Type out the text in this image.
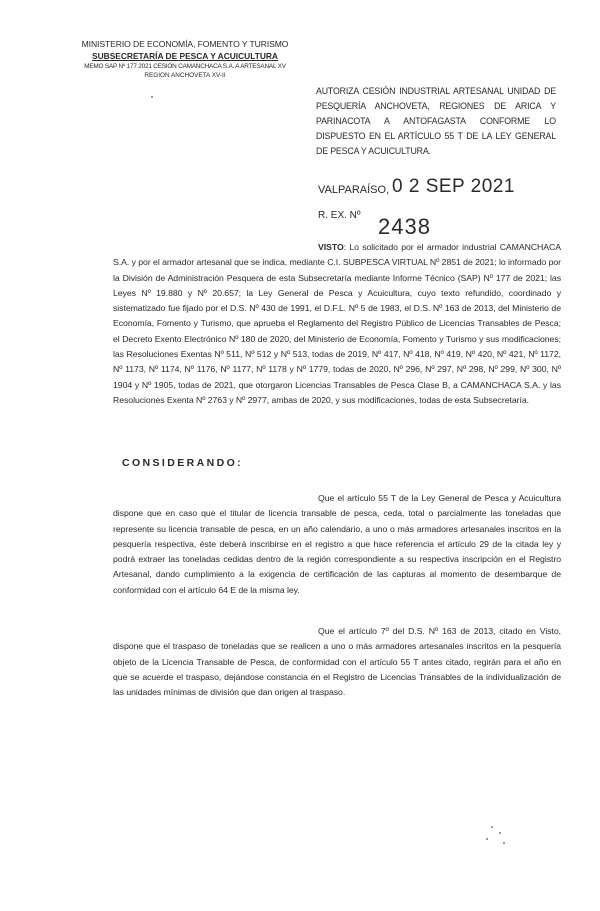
MINISTERIO DE ECONOMÍA, FOMENTO Y TURISMO
SUBSECRETARÍA DE PESCA Y ACUICULTURA
MEMO SAP Nº 177 2021 CESIÓN CAMANCHACA S.A. A ARTESANAL XV
REGION ANCHOVETA XV-II
AUTORIZA CESIÓN INDUSTRIAL ARTESANAL UNIDAD DE PESQUERÍA ANCHOVETA, REGIONES DE ARICA Y PARINACOTA A ANTOFAGASTA CONFORME LO DISPUESTO EN EL ARTÍCULO 55 T DE LA LEY GENERAL DE PESCA Y ACUICULTURA.
VALPARAÍSO, 0 2 SEP 2021
R. EX. Nº 2438
VISTO: Lo solicitado por el armador industrial CAMANCHACA S.A. y por el armador artesanal que se indica, mediante C.I. SUBPESCA VIRTUAL Nº 2851 de 2021; lo informado por la División de Administración Pesquera de esta Subsecretaría mediante Informe Técnico (SAP) Nº 177 de 2021; las Leyes Nº 19.880 y Nº 20.657; la Ley General de Pesca y Acuicultura, cuyo texto refundido, coordinado y sistematizado fue fijado por el D.S. Nº 430 de 1991, el D.F.L. Nº 5 de 1983, el D.S. Nº 163 de 2013, del Ministerio de Economía, Fomento y Turismo, que aprueba el Reglamento del Registro Público de Licencias Transables de Pesca; el Decreto Exento Electrónico Nº 180 de 2020, del Ministerio de Economía, Fomento y Turismo y sus modificaciones; las Resoluciones Exentas Nº 511, Nº 512 y Nº 513, todas de 2019, Nº 417, Nº 418, Nº 419, Nº 420, Nº 421, Nº 1172, Nº 1173, Nº 1174, Nº 1176, Nº 1177, Nº 1178 y Nº 1779, todas de 2020, Nº 296, Nº 297, Nº 298, Nº 299, Nº 300, Nº 1904 y Nº 1905, todas de 2021, que otorgaron Licencias Transables de Pesca Clase B, a CAMANCHACA S.A. y las Resoluciones Exenta Nº 2763 y Nº 2977, ambas de 2020, y sus modificaciones, todas de esta Subsecretaría.
CONSIDERANDO:
Que el artículo 55 T de la Ley General de Pesca y Acuicultura dispone que en caso que el titular de licencia transable de pesca, ceda, total o parcialmente las toneladas que represente su licencia transable de pesca, en un año calendario, a uno o más armadores artesanales inscritos en la pesquería respectiva, éste deberá inscribirse en el registro a que hace referencia el artículo 29 de la citada ley y podrá extraer las toneladas cedidas dentro de la región correspondiente a su respectiva inscripción en el Registro Artesanal, dando cumplimiento a la exigencia de certificación de las capturas al momento de desembarque de conformidad con el artículo 64 E de la misma ley.
Que el artículo 7º del D.S. Nº 163 de 2013, citado en Visto, dispone que el traspaso de toneladas que se realicen a uno o más armadores artesanales inscritos en la pesquería objeto de la Licencia Transable de Pesca, de conformidad con el artículo 55 T antes citado, regirán para el año en que se acuerde el traspaso, dejándose constancia en el Registro de Licencias Transables de la individualización de las unidades mínimas de división que dan origen al traspaso.
